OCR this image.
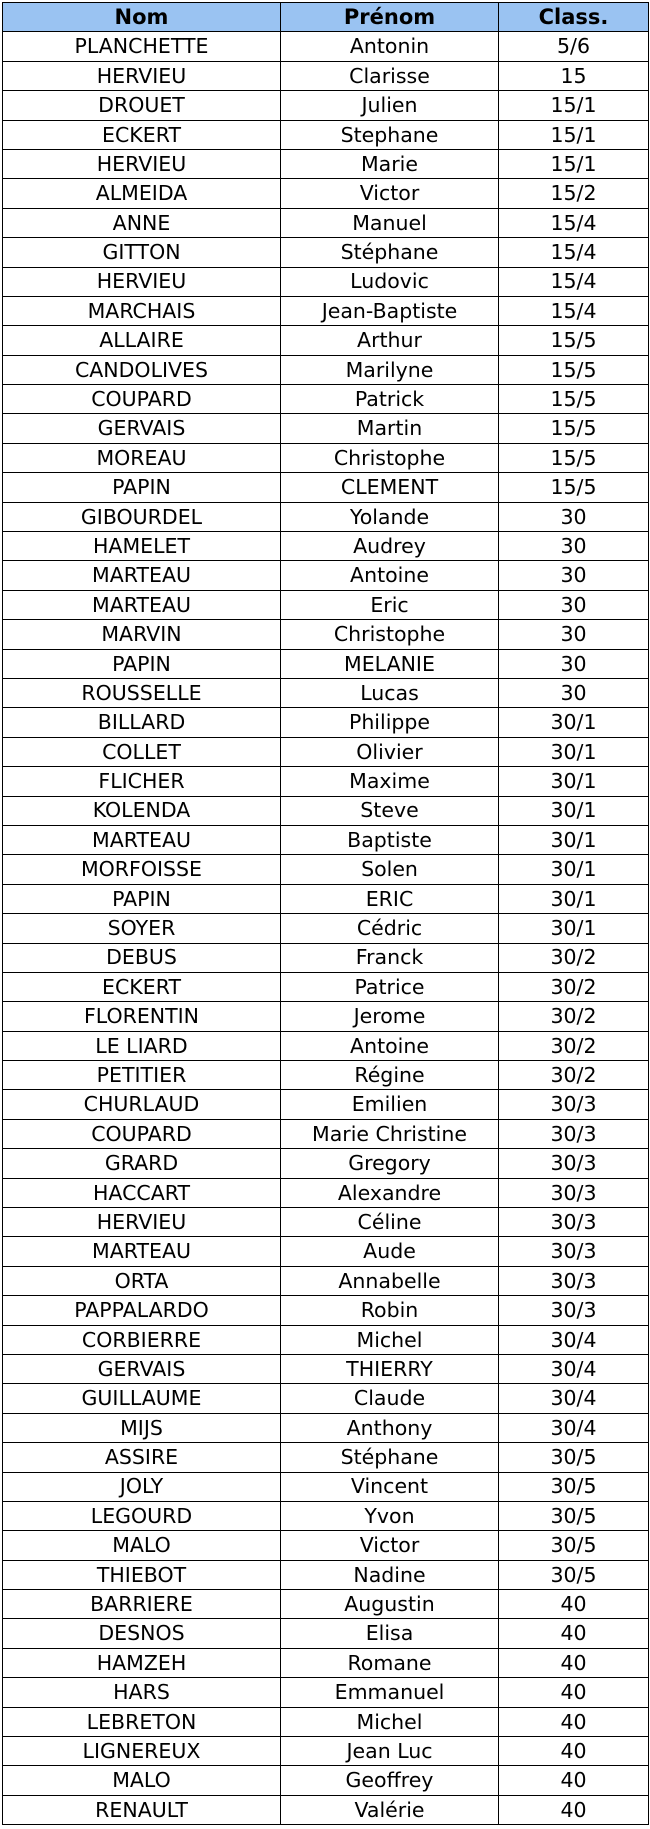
Nom	Prénom	Class.
PLANCHETTE	Antonin	5/6
HERVIEU	Clarisse	15
DROUET	Julien	15/1
ECKERT	Stephane	15/1
HERVIEU	Marie	15/1
ALMEIDA	Victor	15/2
ANNE	Manuel	15/4
GITTON	Stéphane	15/4
HERVIEU	Ludovic	15/4
MARCHAIS	Jean-Baptiste	15/4
ALLAIRE	Arthur	15/5
CANDOLIVES	Marilyne	15/5
COUPARD	Patrick	15/5
GERVAIS	Martin	15/5
MOREAU	Christophe	15/5
PAPIN	CLEMENT	15/5
GIBOURDEL	Yolande	30
HAMELET	Audrey	30
MARTEAU	Antoine	30
MARTEAU	Eric	30
MARVIN	Christophe	30
PAPIN	MELANIE	30
ROUSSELLE	Lucas	30
BILLARD	Philippe	30/1
COLLET	Olivier	30/1
FLICHER	Maxime	30/1
KOLENDA	Steve	30/1
MARTEAU	Baptiste	30/1
MORFOISSE	Solen	30/1
PAPIN	ERIC	30/1
SOYER	Cédric	30/1
DEBUS	Franck	30/2
ECKERT	Patrice	30/2
FLORENTIN	Jerome	30/2
LE LIARD	Antoine	30/2
PETITIER	Régine	30/2
CHURLAUD	Emilien	30/3
COUPARD	Marie Christine	30/3
GRARD	Gregory	30/3
HACCART	Alexandre	30/3
HERVIEU	Céline	30/3
MARTEAU	Aude	30/3
ORTA	Annabelle	30/3
PAPPALARDO	Robin	30/3
CORBIERRE	Michel	30/4
GERVAIS	THIERRY	30/4
GUILLAUME	Claude	30/4
MIJS	Anthony	30/4
ASSIRE	Stéphane	30/5
JOLY	Vincent	30/5
LEGOURD	Yvon	30/5
MALO	Victor	30/5
THIEBOT	Nadine	30/5
BARRIERE	Augustin	40
DESNOS	Elisa	40
HAMZEH	Romane	40
HARS	Emmanuel	40
LEBRETON	Michel	40
LIGNEREUX	Jean Luc	40
MALO	Geoffrey	40
RENAULT	Valérie	40
